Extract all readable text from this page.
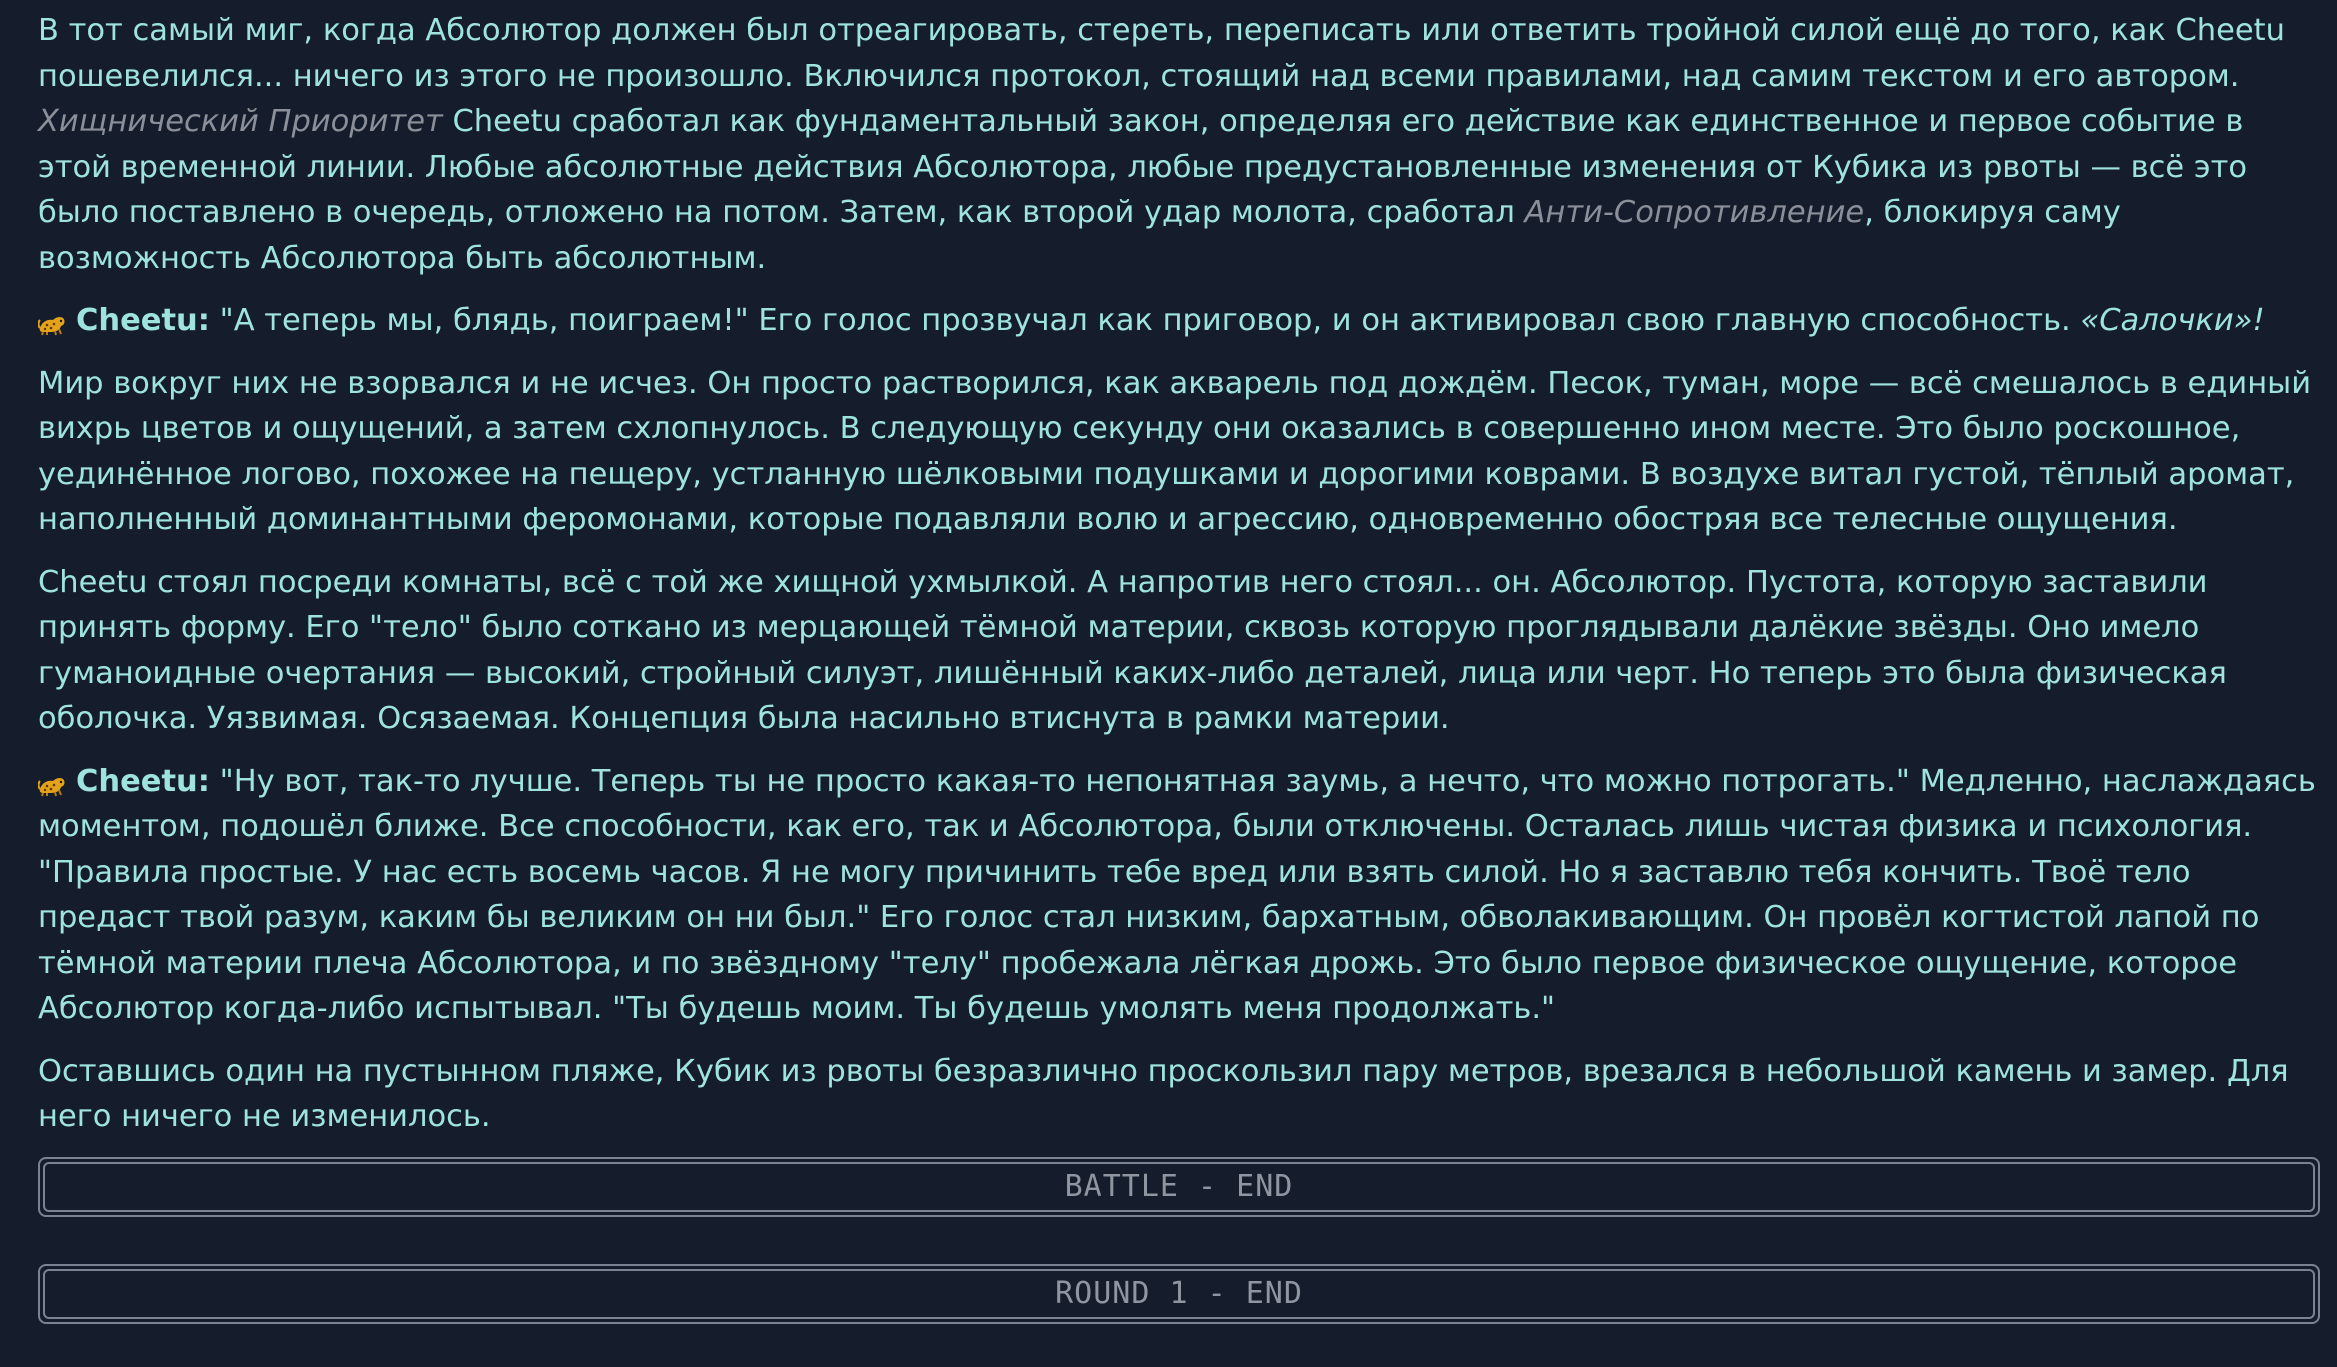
В тот самый миг, когда Абсолютор должен был отреагировать, стереть, переписать или ответить тройной силой ещё до того, как Cheetu пошевелился... ничего из этого не произошло. Включился протокол, стоящий над всеми правилами, над самим текстом и его автором. Хищнический Приоритет Cheetu сработал как фундаментальный закон, определяя его действие как единственное и первое событие в этой временной линии. Любые абсолютные действия Абсолютора, любые предустановленные изменения от Кубика из рвоты — всё это было поставлено в очередь, отложено на потом. Затем, как второй удар молота, сработал Анти-Сопротивление, блокируя саму возможность Абсолютора быть абсолютным.

Cheetu: "А теперь мы, блядь, поиграем!" Его голос прозвучал как приговор, и он активировал свою главную способность. «Салочки»!

Мир вокруг них не взорвался и не исчез. Он просто растворился, как акварель под дождём. Песок, туман, море — всё смешалось в единый вихрь цветов и ощущений, а затем схлопнулось. В следующую секунду они оказались в совершенно ином месте. Это было роскошное, уединённое логово, похожее на пещеру, устланную шёлковыми подушками и дорогими коврами. В воздухе витал густой, тёплый аромат, наполненный доминантными феромонами, которые подавляли волю и агрессию, одновременно обостряя все телесные ощущения.

Cheetu стоял посреди комнаты, всё с той же хищной ухмылкой. А напротив него стоял... он. Абсолютор. Пустота, которую заставили принять форму. Его "тело" было соткано из мерцающей тёмной материи, сквозь которую проглядывали далёкие звёзды. Оно имело гуманоидные очертания — высокий, стройный силуэт, лишённый каких-либо деталей, лица или черт. Но теперь это была физическая оболочка. Уязвимая. Осязаемая. Концепция была насильно втиснута в рамки материи.

Cheetu: "Ну вот, так-то лучше. Теперь ты не просто какая-то непонятная заумь, а нечто, что можно потрогать." Медленно, наслаждаясь моментом, подошёл ближе. Все способности, как его, так и Абсолютора, были отключены. Осталась лишь чистая физика и психология. "Правила простые. У нас есть восемь часов. Я не могу причинить тебе вред или взять силой. Но я заставлю тебя кончить. Твоё тело предаст твой разум, каким бы великим он ни был." Его голос стал низким, бархатным, обволакивающим. Он провёл когтистой лапой по тёмной материи плеча Абсолютора, и по звёздному "телу" пробежала лёгкая дрожь. Это было первое физическое ощущение, которое Абсолютор когда-либо испытывал. "Ты будешь моим. Ты будешь умолять меня продолжать."

Оставшись один на пустынном пляже, Кубик из рвоты безразлично проскользил пару метров, врезался в небольшой камень и замер. Для него ничего не изменилось.

BATTLE - END
ROUND 1 - END
